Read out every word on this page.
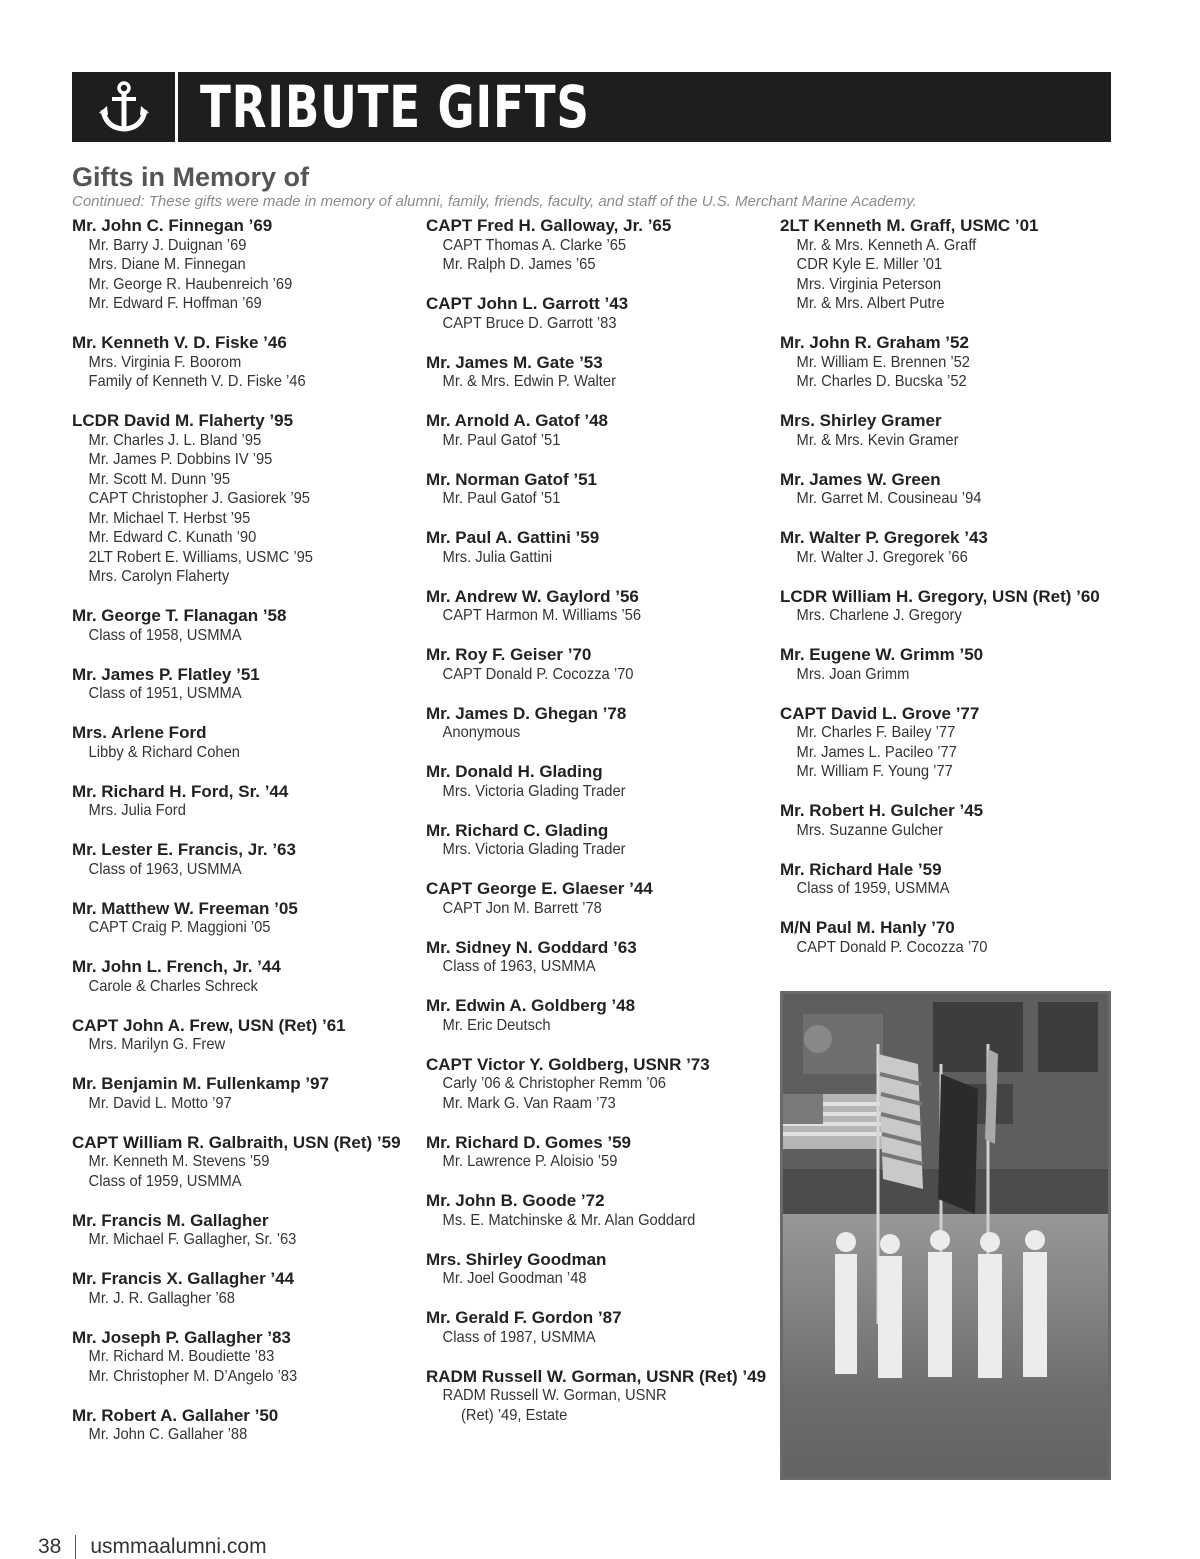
TRIBUTE GIFTS
Gifts in Memory of

Continued: These gifts were made in memory of alumni, family, friends, faculty, and staff of the U.S. Merchant Marine Academy.

Mr. John C. Finnegan ’69
Mr. Barry J. Duignan ’69
Mrs. Diane M. Finnegan
Mr. George R. Haubenreich ’69
Mr. Edward F. Hoffman ’69
Mr. Kenneth V. D. Fiske ’46
Mrs. Virginia F. Boorom
Family of Kenneth V. D. Fiske ’46
LCDR David M. Flaherty ’95
Mr. Charles J. L. Bland ’95
Mr. James P. Dobbins IV ’95
Mr. Scott M. Dunn ’95
CAPT Christopher J. Gasiorek ’95
Mr. Michael T. Herbst ’95
Mr. Edward C. Kunath ’90
2LT Robert E. Williams, USMC ’95
Mrs. Carolyn Flaherty
Mr. George T. Flanagan ’58
Class of 1958, USMMA
Mr. James P. Flatley ’51
Class of 1951, USMMA
Mrs. Arlene Ford
Libby & Richard Cohen
Mr. Richard H. Ford, Sr. ’44
Mrs. Julia Ford
Mr. Lester E. Francis, Jr. ’63
Class of 1963, USMMA
Mr. Matthew W. Freeman ’05
CAPT Craig P. Maggioni ’05
Mr. John L. French, Jr. ’44
Carole & Charles Schreck
CAPT John A. Frew, USN (Ret) ’61
Mrs. Marilyn G. Frew
Mr. Benjamin M. Fullenkamp ’97
Mr. David L. Motto ’97
CAPT William R. Galbraith, USN (Ret) ’59
Mr. Kenneth M. Stevens ’59
Class of 1959, USMMA
Mr. Francis M. Gallagher
Mr. Michael F. Gallagher, Sr. ’63
Mr. Francis X. Gallagher ’44
Mr. J. R. Gallagher ’68
Mr. Joseph P. Gallagher ’83
Mr. Richard M. Boudiette ’83
Mr. Christopher M. D’Angelo ’83
Mr. Robert A. Gallaher ’50
Mr. John C. Gallaher ’88
CAPT Fred H. Galloway, Jr. ’65
CAPT Thomas A. Clarke ’65
Mr. Ralph D. James ’65
CAPT John L. Garrott ’43
CAPT Bruce D. Garrott ’83
Mr. James M. Gate ’53
Mr. & Mrs. Edwin P. Walter
Mr. Arnold A. Gatof ’48
Mr. Paul Gatof ’51
Mr. Norman Gatof ’51
Mr. Paul Gatof ’51
Mr. Paul A. Gattini ’59
Mrs. Julia Gattini
Mr. Andrew W. Gaylord ’56
CAPT Harmon M. Williams ’56
Mr. Roy F. Geiser ’70
CAPT Donald P. Cocozza ’70
Mr. James D. Ghegan ’78
Anonymous
Mr. Donald H. Glading
Mrs. Victoria Glading Trader
Mr. Richard C. Glading
Mrs. Victoria Glading Trader
CAPT George E. Glaeser ’44
CAPT Jon M. Barrett ’78
Mr. Sidney N. Goddard ’63
Class of 1963, USMMA
Mr. Edwin A. Goldberg ’48
Mr. Eric Deutsch
CAPT Victor Y. Goldberg, USNR ’73
Carly ’06 & Christopher Remm ’06
Mr. Mark G. Van Raam ’73
Mr. Richard D. Gomes ’59
Mr. Lawrence P. Aloisio ’59
Mr. John B. Goode ’72
Ms. E. Matchinske & Mr. Alan Goddard
Mrs. Shirley Goodman
Mr. Joel Goodman ’48
Mr. Gerald F. Gordon ’87
Class of 1987, USMMA
RADM Russell W. Gorman, USNR (Ret) ’49
RADM Russell W. Gorman, USNR
(Ret) ’49, Estate
2LT Kenneth M. Graff, USMC ’01
Mr. & Mrs. Kenneth A. Graff
CDR Kyle E. Miller ’01
Mrs. Virginia Peterson
Mr. & Mrs. Albert Putre
Mr. John R. Graham ’52
Mr. William E. Brennen ’52
Mr. Charles D. Bucska ’52
Mrs. Shirley Gramer
Mr. & Mrs. Kevin Gramer
Mr. James W. Green
Mr. Garret M. Cousineau ’94
Mr. Walter P. Gregorek ’43
Mr. Walter J. Gregorek ’66
LCDR William H. Gregory, USN (Ret) ’60
Mrs. Charlene J. Gregory
Mr. Eugene W. Grimm ’50
Mrs. Joan Grimm
CAPT David L. Grove ’77
Mr. Charles F. Bailey ’77
Mr. James L. Pacileo ’77
Mr. William F. Young ’77
Mr. Robert H. Gulcher ’45
Mrs. Suzanne Gulcher
Mr. Richard Hale ’59
Class of 1959, USMMA
M/N Paul M. Hanly ’70
CAPT Donald P. Cocozza ’70
38 usmmaalumni.com
